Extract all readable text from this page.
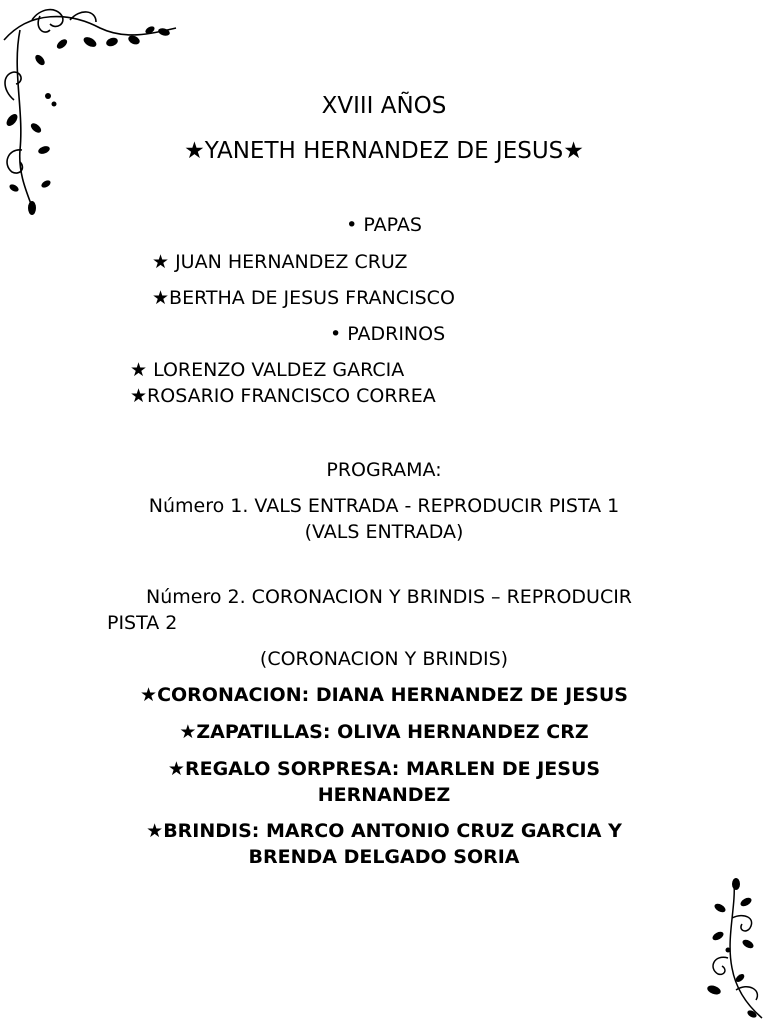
XVIII AÑOS
★YANETH HERNANDEZ DE JESUS★
• PAPAS
★ JUAN HERNANDEZ CRUZ
★BERTHA DE JESUS FRANCISCO
• PADRINOS
★ LORENZO VALDEZ GARCIA
★ROSARIO FRANCISCO CORREA
PROGRAMA:
Número 1. VALS ENTRADA - REPRODUCIR PISTA 1
(VALS ENTRADA)
Número 2. CORONACION Y BRINDIS – REPRODUCIR
PISTA 2
(CORONACION Y BRINDIS)
★CORONACION: DIANA HERNANDEZ DE JESUS
★ZAPATILLAS: OLIVA HERNANDEZ CRZ
★REGALO SORPRESA: MARLEN DE JESUS
HERNANDEZ
★BRINDIS: MARCO ANTONIO CRUZ GARCIA Y
BRENDA DELGADO SORIA
